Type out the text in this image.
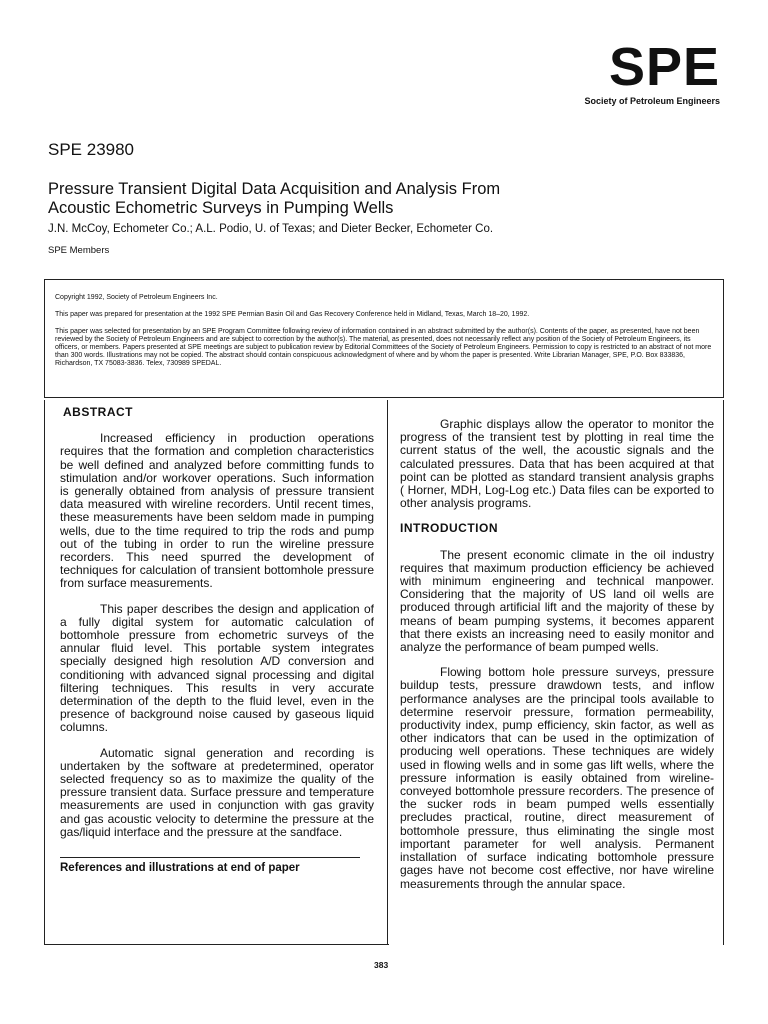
SPE
Society of Petroleum Engineers
SPE 23980
Pressure Transient Digital Data Acquisition and Analysis From
Acoustic Echometric Surveys in Pumping Wells
J.N. McCoy, Echometer Co.; A.L. Podio, U. of Texas; and Dieter Becker, Echometer Co.
SPE Members

Copyright 1992, Society of Petroleum Engineers Inc.

This paper was prepared for presentation at the 1992 SPE Permian Basin Oil and Gas Recovery Conference held in Midland, Texas, March 18–20, 1992.

This paper was selected for presentation by an SPE Program Committee following review of information contained in an abstract submitted by the author(s). Contents of the paper, as presented, have not been reviewed by the Society of Petroleum Engineers and are subject to correction by the author(s). The material, as presented, does not necessarily reflect any position of the Society of Petroleum Engineers, its officers, or members. Papers presented at SPE meetings are subject to publication review by Editorial Committees of the Society of Petroleum Engineers. Permission to copy is restricted to an abstract of not more than 300 words. Illustrations may not be copied. The abstract should contain conspicuous acknowledgment of where and by whom the paper is presented. Write Librarian Manager, SPE, P.O. Box 833836, Richardson, TX 75083-3836. Telex, 730989 SPEDAL.

ABSTRACT

Increased efficiency in production operations requires that the formation and completion characteristics be well defined and analyzed before committing funds to stimulation and/or workover operations. Such information is generally obtained from analysis of pressure transient data measured with wireline recorders. Until recent times, these measurements have been seldom made in pumping wells, due to the time required to trip the rods and pump out of the tubing in order to run the wireline pressure recorders. This need spurred the development of techniques for calculation of transient bottomhole pressure from surface measurements.

This paper describes the design and application of a fully digital system for automatic calculation of bottomhole pressure from echometric surveys of the annular fluid level. This portable system integrates specially designed high resolution A/D conversion and conditioning with advanced signal processing and digital filtering techniques. This results in very accurate determination of the depth to the fluid level, even in the presence of background noise caused by gaseous liquid columns.

Automatic signal generation and recording is undertaken by the software at predetermined, operator selected frequency so as to maximize the quality of the pressure transient data. Surface pressure and temperature measurements are used in conjunction with gas gravity and gas acoustic velocity to determine the pressure at the gas/liquid interface and the pressure at the sandface.

References and illustrations at end of paper

Graphic displays allow the operator to monitor the progress of the transient test by plotting in real time the current status of the well, the acoustic signals and the calculated pressures. Data that has been acquired at that point can be plotted as standard transient analysis graphs ( Horner, MDH, Log-Log etc.) Data files can be exported to other analysis programs.

INTRODUCTION

The present economic climate in the oil industry requires that maximum production efficiency be achieved with minimum engineering and technical manpower. Considering that the majority of US land oil wells are produced through artificial lift and the majority of these by means of beam pumping systems, it becomes apparent that there exists an increasing need to easily monitor and analyze the performance of beam pumped wells.

Flowing bottom hole pressure surveys, pressure buildup tests, pressure drawdown tests, and inflow performance analyses are the principal tools available to determine reservoir pressure, formation permeability, productivity index, pump efficiency, skin factor, as well as other indicators that can be used in the optimization of producing well operations. These techniques are widely used in flowing wells and in some gas lift wells, where the pressure information is easily obtained from wireline-conveyed bottomhole pressure recorders. The presence of the sucker rods in beam pumped wells essentially precludes practical, routine, direct measurement of bottomhole pressure, thus eliminating the single most important parameter for well analysis. Permanent installation of surface indicating bottomhole pressure gages have not become cost effective, nor have wireline measurements through the annular space.

383
